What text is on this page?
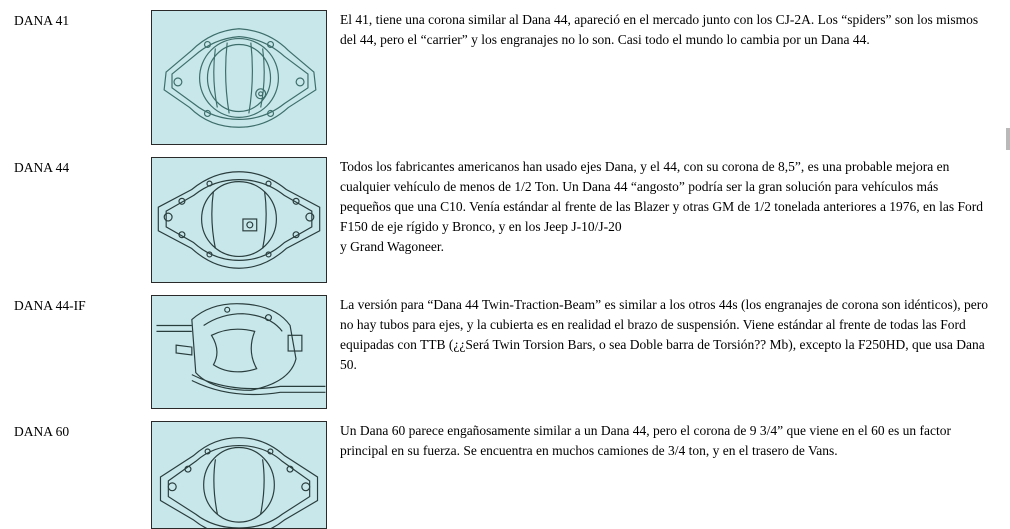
DANA 41	El 41, tiene una corona similar al Dana 44, apareció en el mercado junto con los CJ-2A. Los “spiders” son los mismos del 44, pero el “carrier” y los engranajes no lo son. Casi todo el mundo lo cambia por un Dana 44.
DANA 44	Todos los fabricantes americanos han usado ejes Dana, y el 44, con su corona de 8,5”, es una probable mejora en cualquier vehículo de menos de 1/2 Ton. Un Dana 44 “angosto” podría ser la gran solución para vehículos más pequeños que una C10. Venía estándar al frente de las Blazer y otras GM de 1/2 tonelada anteriores a 1976, en las Ford F150 de eje rígido y Bronco, y en los Jeep J-10/J-20
y Grand Wagoneer.
DANA 44-IF	La versión para “Dana 44 Twin-Traction-Beam” es similar a los otros 44s (los engranajes de corona son idénticos), pero no hay tubos para ejes, y la cubierta es en realidad el brazo de suspensión. Viene estándar al frente de todas las Ford equipadas con TTB (¿¿Será Twin Torsion Bars, o sea Doble barra de Torsión?? Mb), excepto la F250HD, que usa Dana 50.
DANA 60	Un Dana 60 parece engañosamente similar a un Dana 44, pero el corona de 9 3/4” que viene en el 60 es un factor principal en su fuerza. Se encuentra en muchos camiones de 3/4 ton, y en el trasero de Vans.
